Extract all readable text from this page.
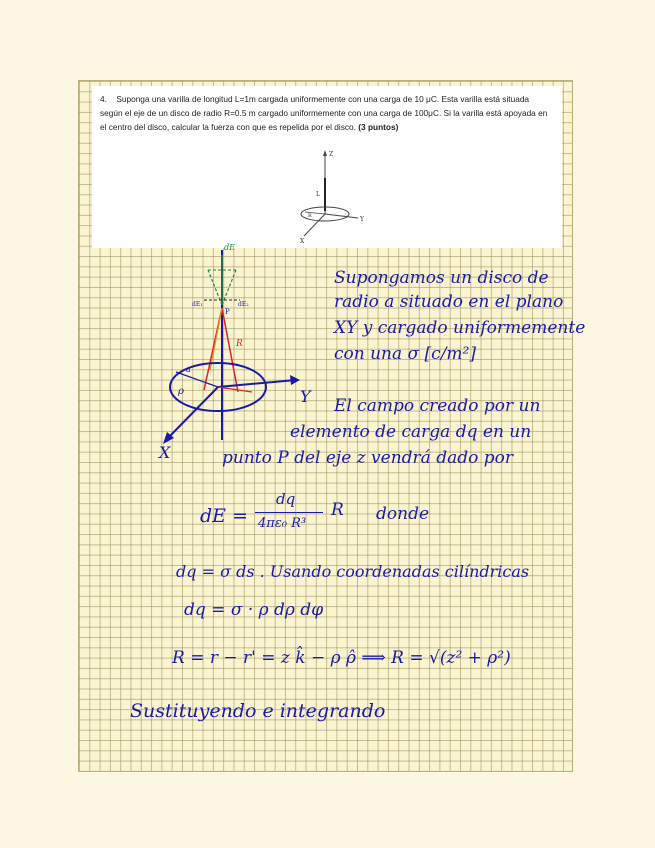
4. Suponga una varilla de longitud L=1m cargada uniformemente con una carga de 10 μC. Esta varilla está situada según el eje de un disco de radio R=0.5 m cargado uniformemente con una carga de 100μC. Si la varilla está apoyada en el centro del disco, calcular la fuerza con que es repelida por el disco. (3 puntos)
Z
L
R	Y
X
dE
P
dE₁	dE₂
R
a
ρ	Y
X
Supongamos un disco de
radio a situado en el plano
XY y cargado uniformemente
con una σ [c/m²]
El campo creado por un
elemento de carga dq en un
punto P del eje z vendrá dado por
dE =
dq
4πε₀ R³
R donde
dq = σ ds . Usando coordenadas cilíndricas
dq = σ · ρ dρ dφ
R = r − r' = z k̂ − ρ ρ̂ ⟹ R = √(z² + ρ²)
Sustituyendo e integrando
